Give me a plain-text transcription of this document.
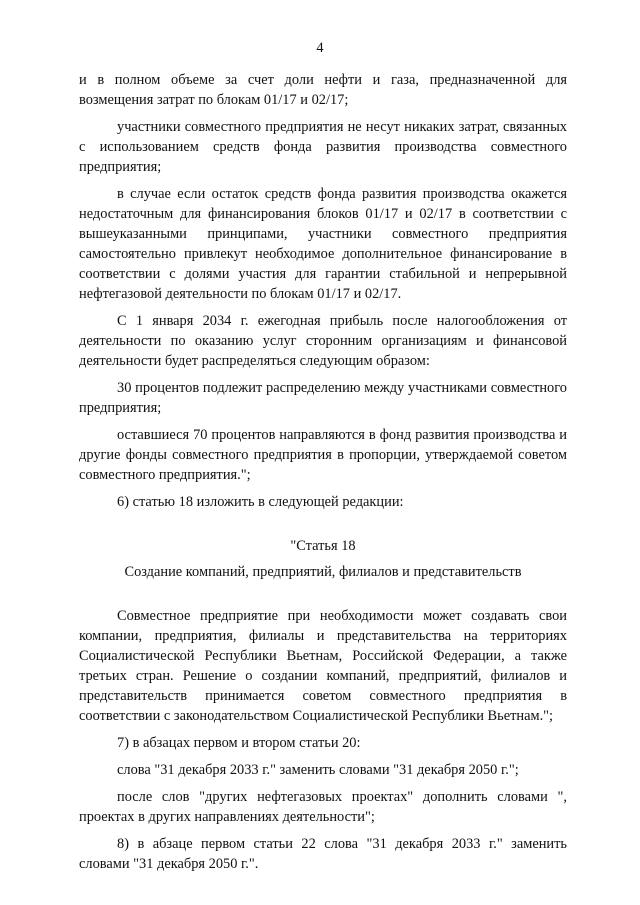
4

и в полном объеме за счет доли нефти и газа, предназначенной для возмещения затрат по блокам 01/17 и 02/17;

участники совместного предприятия не несут никаких затрат, связанных с использованием средств фонда развития производства совместного предприятия;

в случае если остаток средств фонда развития производства окажется недостаточным для финансирования блоков 01/17 и 02/17 в соответствии с вышеуказанными принципами, участники совместного предприятия самостоятельно привлекут необходимое дополнительное финансирование в соответствии с долями участия для гарантии стабильной и непрерывной нефтегазовой деятельности по блокам 01/17 и 02/17.

С 1 января 2034 г. ежегодная прибыль после налогообложения от деятельности по оказанию услуг сторонним организациям и финансовой деятельности будет распределяться следующим образом:

30 процентов подлежит распределению между участниками совместного предприятия;

оставшиеся 70 процентов направляются в фонд развития производства и другие фонды совместного предприятия в пропорции, утверждаемой советом совместного предприятия.";

6) статью 18 изложить в следующей редакции:

"Статья 18

Создание компаний, предприятий, филиалов и представительств

Совместное предприятие при необходимости может создавать свои компании, предприятия, филиалы и представительства на территориях Социалистической Республики Вьетнам, Российской Федерации, а также третьих стран. Решение о создании компаний, предприятий, филиалов и представительств принимается советом совместного предприятия в соответствии с законодательством Социалистической Республики Вьетнам.";

7) в абзацах первом и втором статьи 20:

слова "31 декабря 2033 г." заменить словами "31 декабря 2050 г.";

после слов "других нефтегазовых проектах" дополнить словами ", проектах в других направлениях деятельности";

8) в абзаце первом статьи 22 слова "31 декабря 2033 г." заменить словами "31 декабря 2050 г.".
